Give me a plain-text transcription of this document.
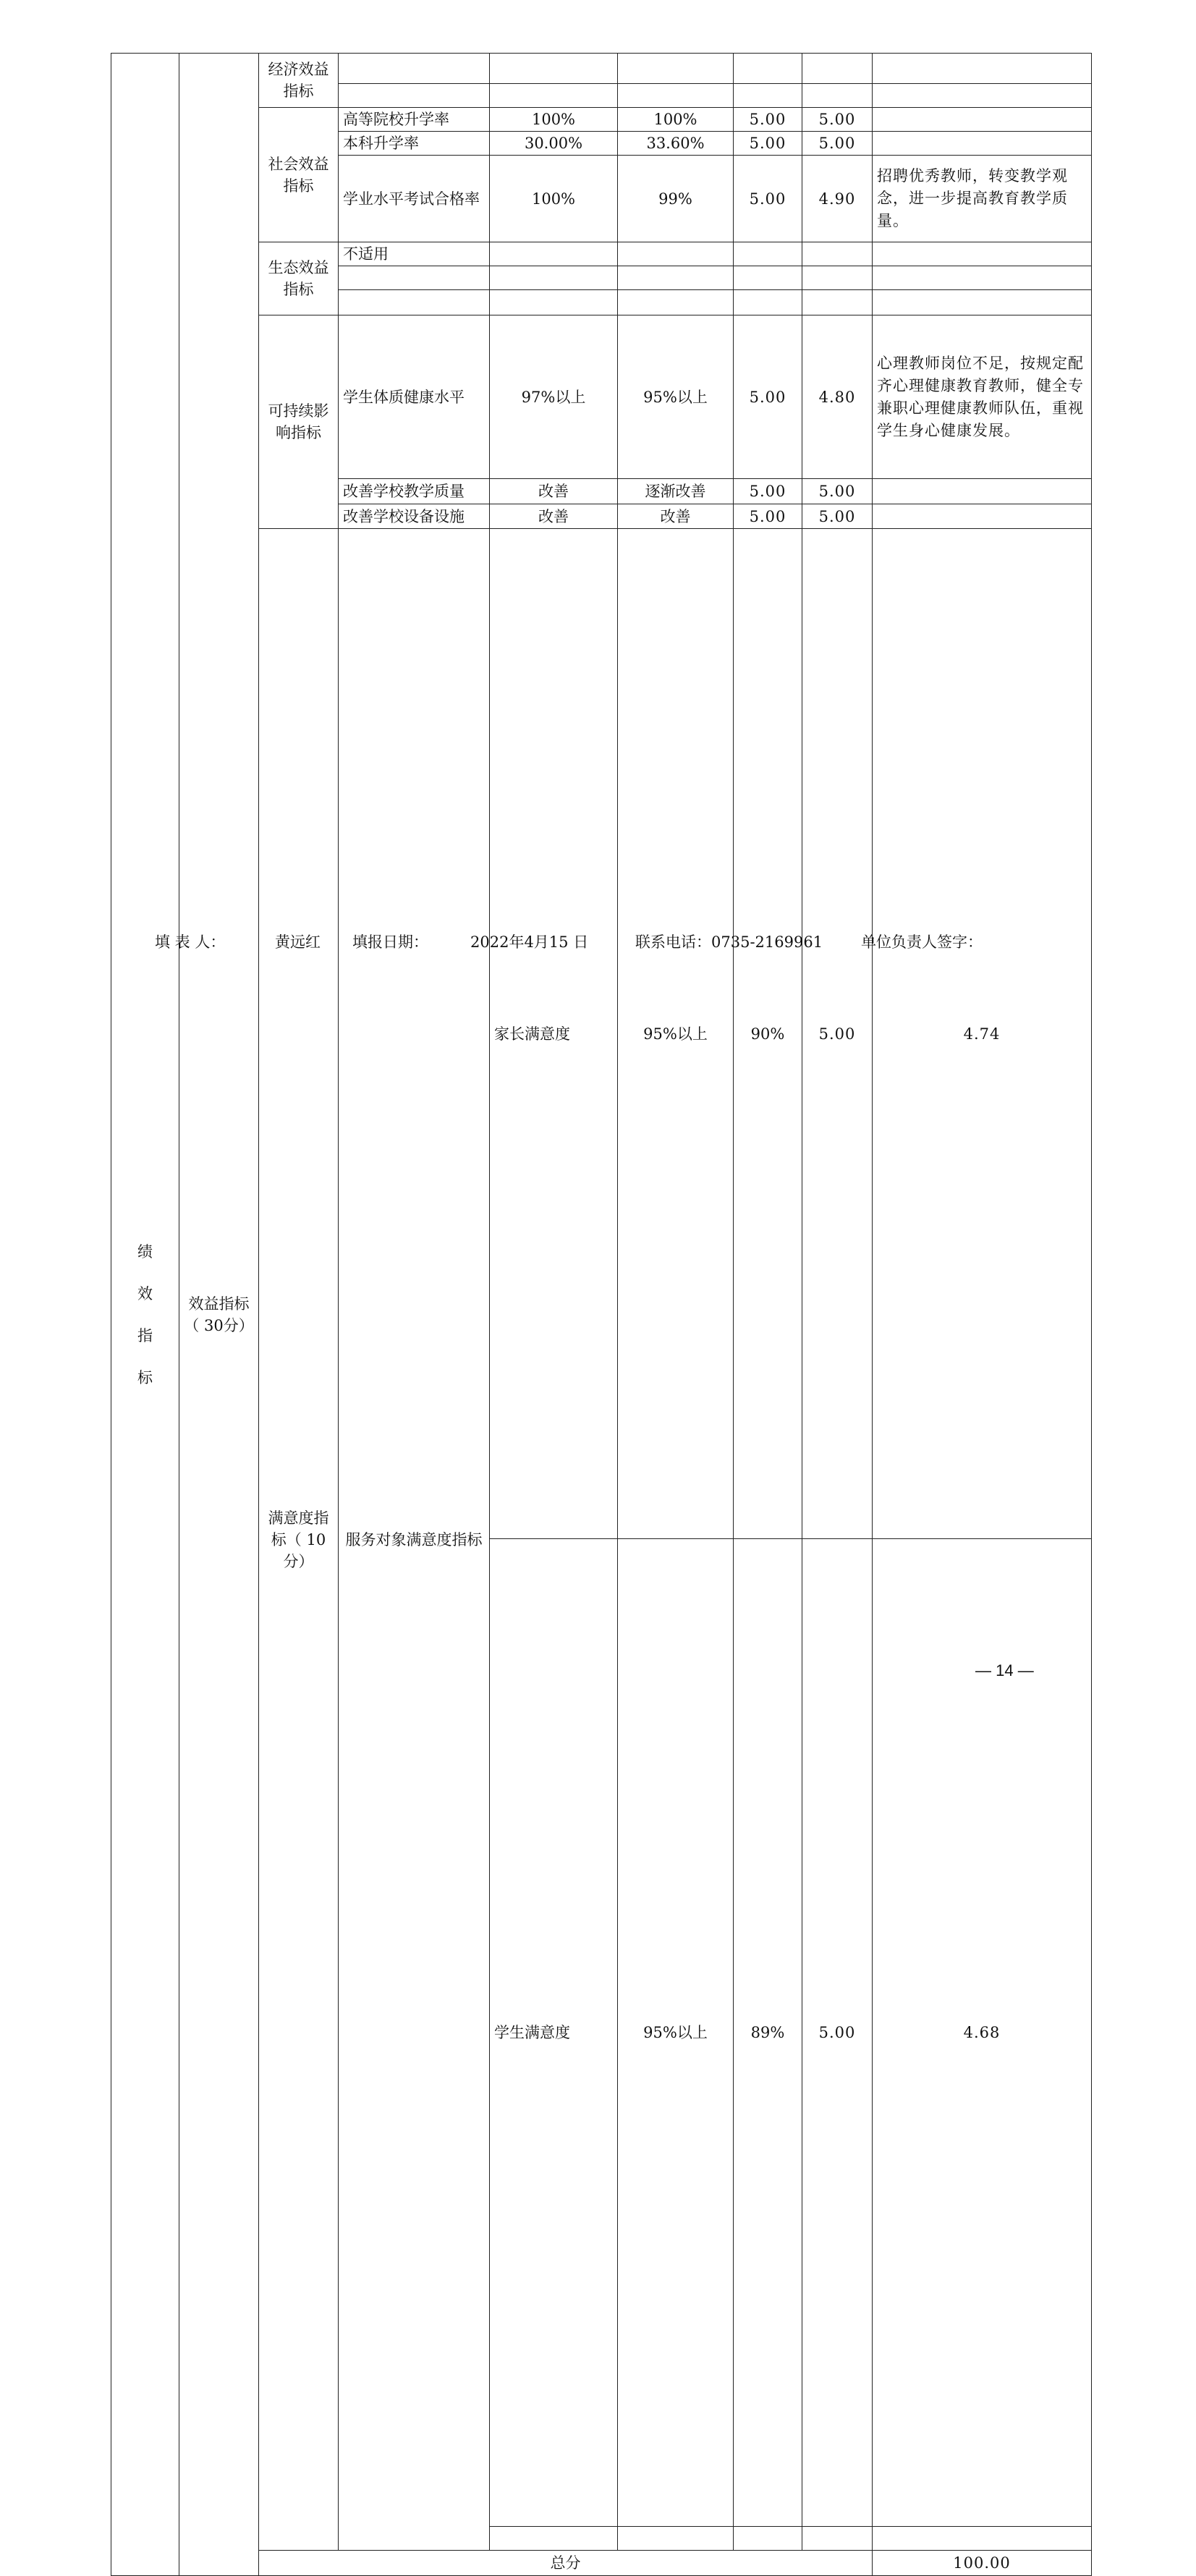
绩
效
指
标	效益指标（ 30分）	经济效益指标							

		社会效益指标	高等院校升学率	100%	100%	5.00	5.00		
			本科升学率	30.00%	33.60%	5.00	5.00		
			学业水平考试合格率	100%	99%	5.00	4.90	招聘优秀教师，转变教学观念，进一步提高教育教学质量。	
		生态效益指标	不适用						

		可持续影响指标	学生体质健康水平	97%以上	95%以上	5.00	4.80	心理教师岗位不足，按规定配齐心理健康教育教师，健全专兼职心理健康教师队伍，重视学生身心健康发展。	
			改善学校教学质量	改善	逐渐改善	5.00	5.00		
			改善学校设备设施	改善	改善	5.00	5.00		
		满意度指标（ 10分）	服务对象满意度指标	家长满意度	95%以上	90%	5.00	4.74	
				学生满意度	95%以上	89%	5.00	4.68	

		总分						100.00		
填 表 人：	黄远红 填报日期：	2022年4月15 日	联系电话：0735-2169961	单位负责人签字：
— 14 —
